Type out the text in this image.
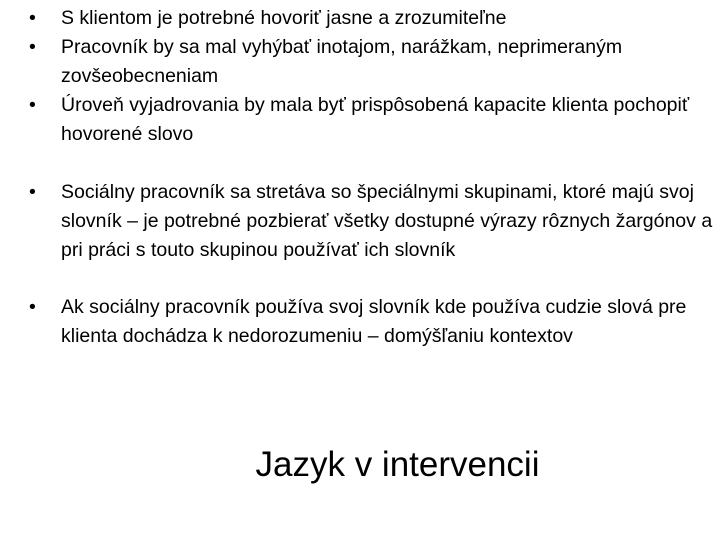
•	S klientom je potrebné hovoriť jasne a zrozumiteľne
•	Pracovník by sa mal vyhýbať inotajom, narážkam, neprimeraným zovšeobecneniam
•	Úroveň vyjadrovania by mala byť prispôsobená kapacite klienta pochopiť hovorené slovo
•	Sociálny pracovník sa stretáva so špeciálnymi skupinami, ktoré majú svoj slovník – je potrebné pozbierať všetky dostupné výrazy rôznych žargónov a pri práci s touto skupinou používať ich slovník
•	Ak sociálny pracovník používa svoj slovník kde používa cudzie slová pre klienta dochádza k nedorozumeniu – domýšľaniu kontextov
Jazyk v intervencii
